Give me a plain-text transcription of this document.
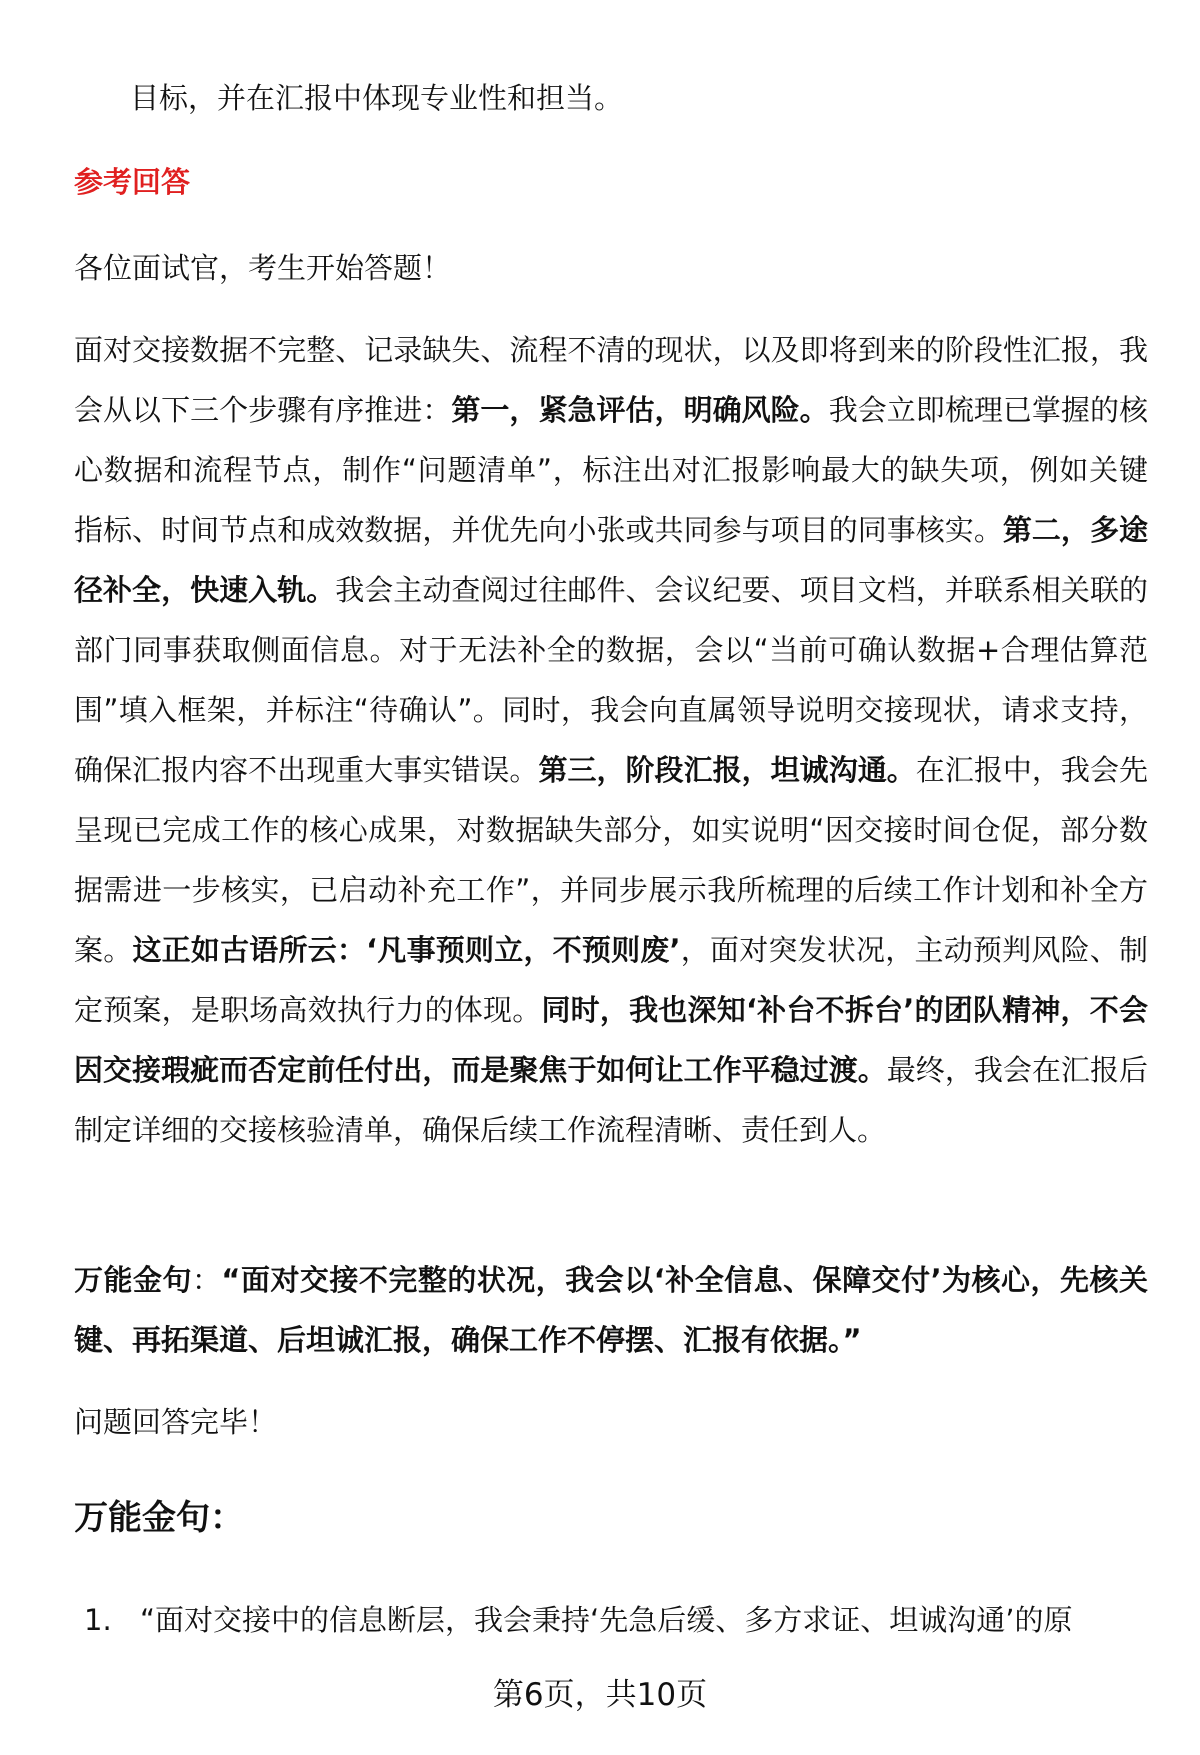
目标，并在汇报中体现专业性和担当。

参考回答

各位面试官，考生开始答题！

面对交接数据不完整、记录缺失、流程不清的现状，以及即将到来的阶段性汇报，我会从以下三个步骤有序推进：第一，紧急评估，明确风险。我会立即梳理已掌握的核心数据和流程节点，制作“问题清单”，标注出对汇报影响最大的缺失项，例如关键指标、时间节点和成效数据，并优先向小张或共同参与项目的同事核实。第二，多途径补全，快速入轨。我会主动查阅过往邮件、会议纪要、项目文档，并联系相关联的部门同事获取侧面信息。对于无法补全的数据，会以“当前可确认数据+合理估算范围”填入框架，并标注“待确认”。同时，我会向直属领导说明交接现状，请求支持，确保汇报内容不出现重大事实错误。第三，阶段汇报，坦诚沟通。在汇报中，我会先呈现已完成工作的核心成果，对数据缺失部分，如实说明“因交接时间仓促，部分数据需进一步核实，已启动补充工作”，并同步展示我所梳理的后续工作计划和补全方案。这正如古语所云：‘凡事预则立，不预则废’，面对突发状况，主动预判风险、制定预案，是职场高效执行力的体现。同时，我也深知‘补台不拆台’的团队精神，不会因交接瑕疵而否定前任付出，而是聚焦于如何让工作平稳过渡。最终，我会在汇报后制定详细的交接核验清单，确保后续工作流程清晰、责任到人。

万能金句：“面对交接不完整的状况，我会以‘补全信息、保障交付’为核心，先核关键、再拓渠道、后坦诚汇报，确保工作不停摆、汇报有依据。”

问题回答完毕！

万能金句：
1. “面对交接中的信息断层，我会秉持‘先急后缓、多方求证、坦诚沟通’的原
第6页，共10页
